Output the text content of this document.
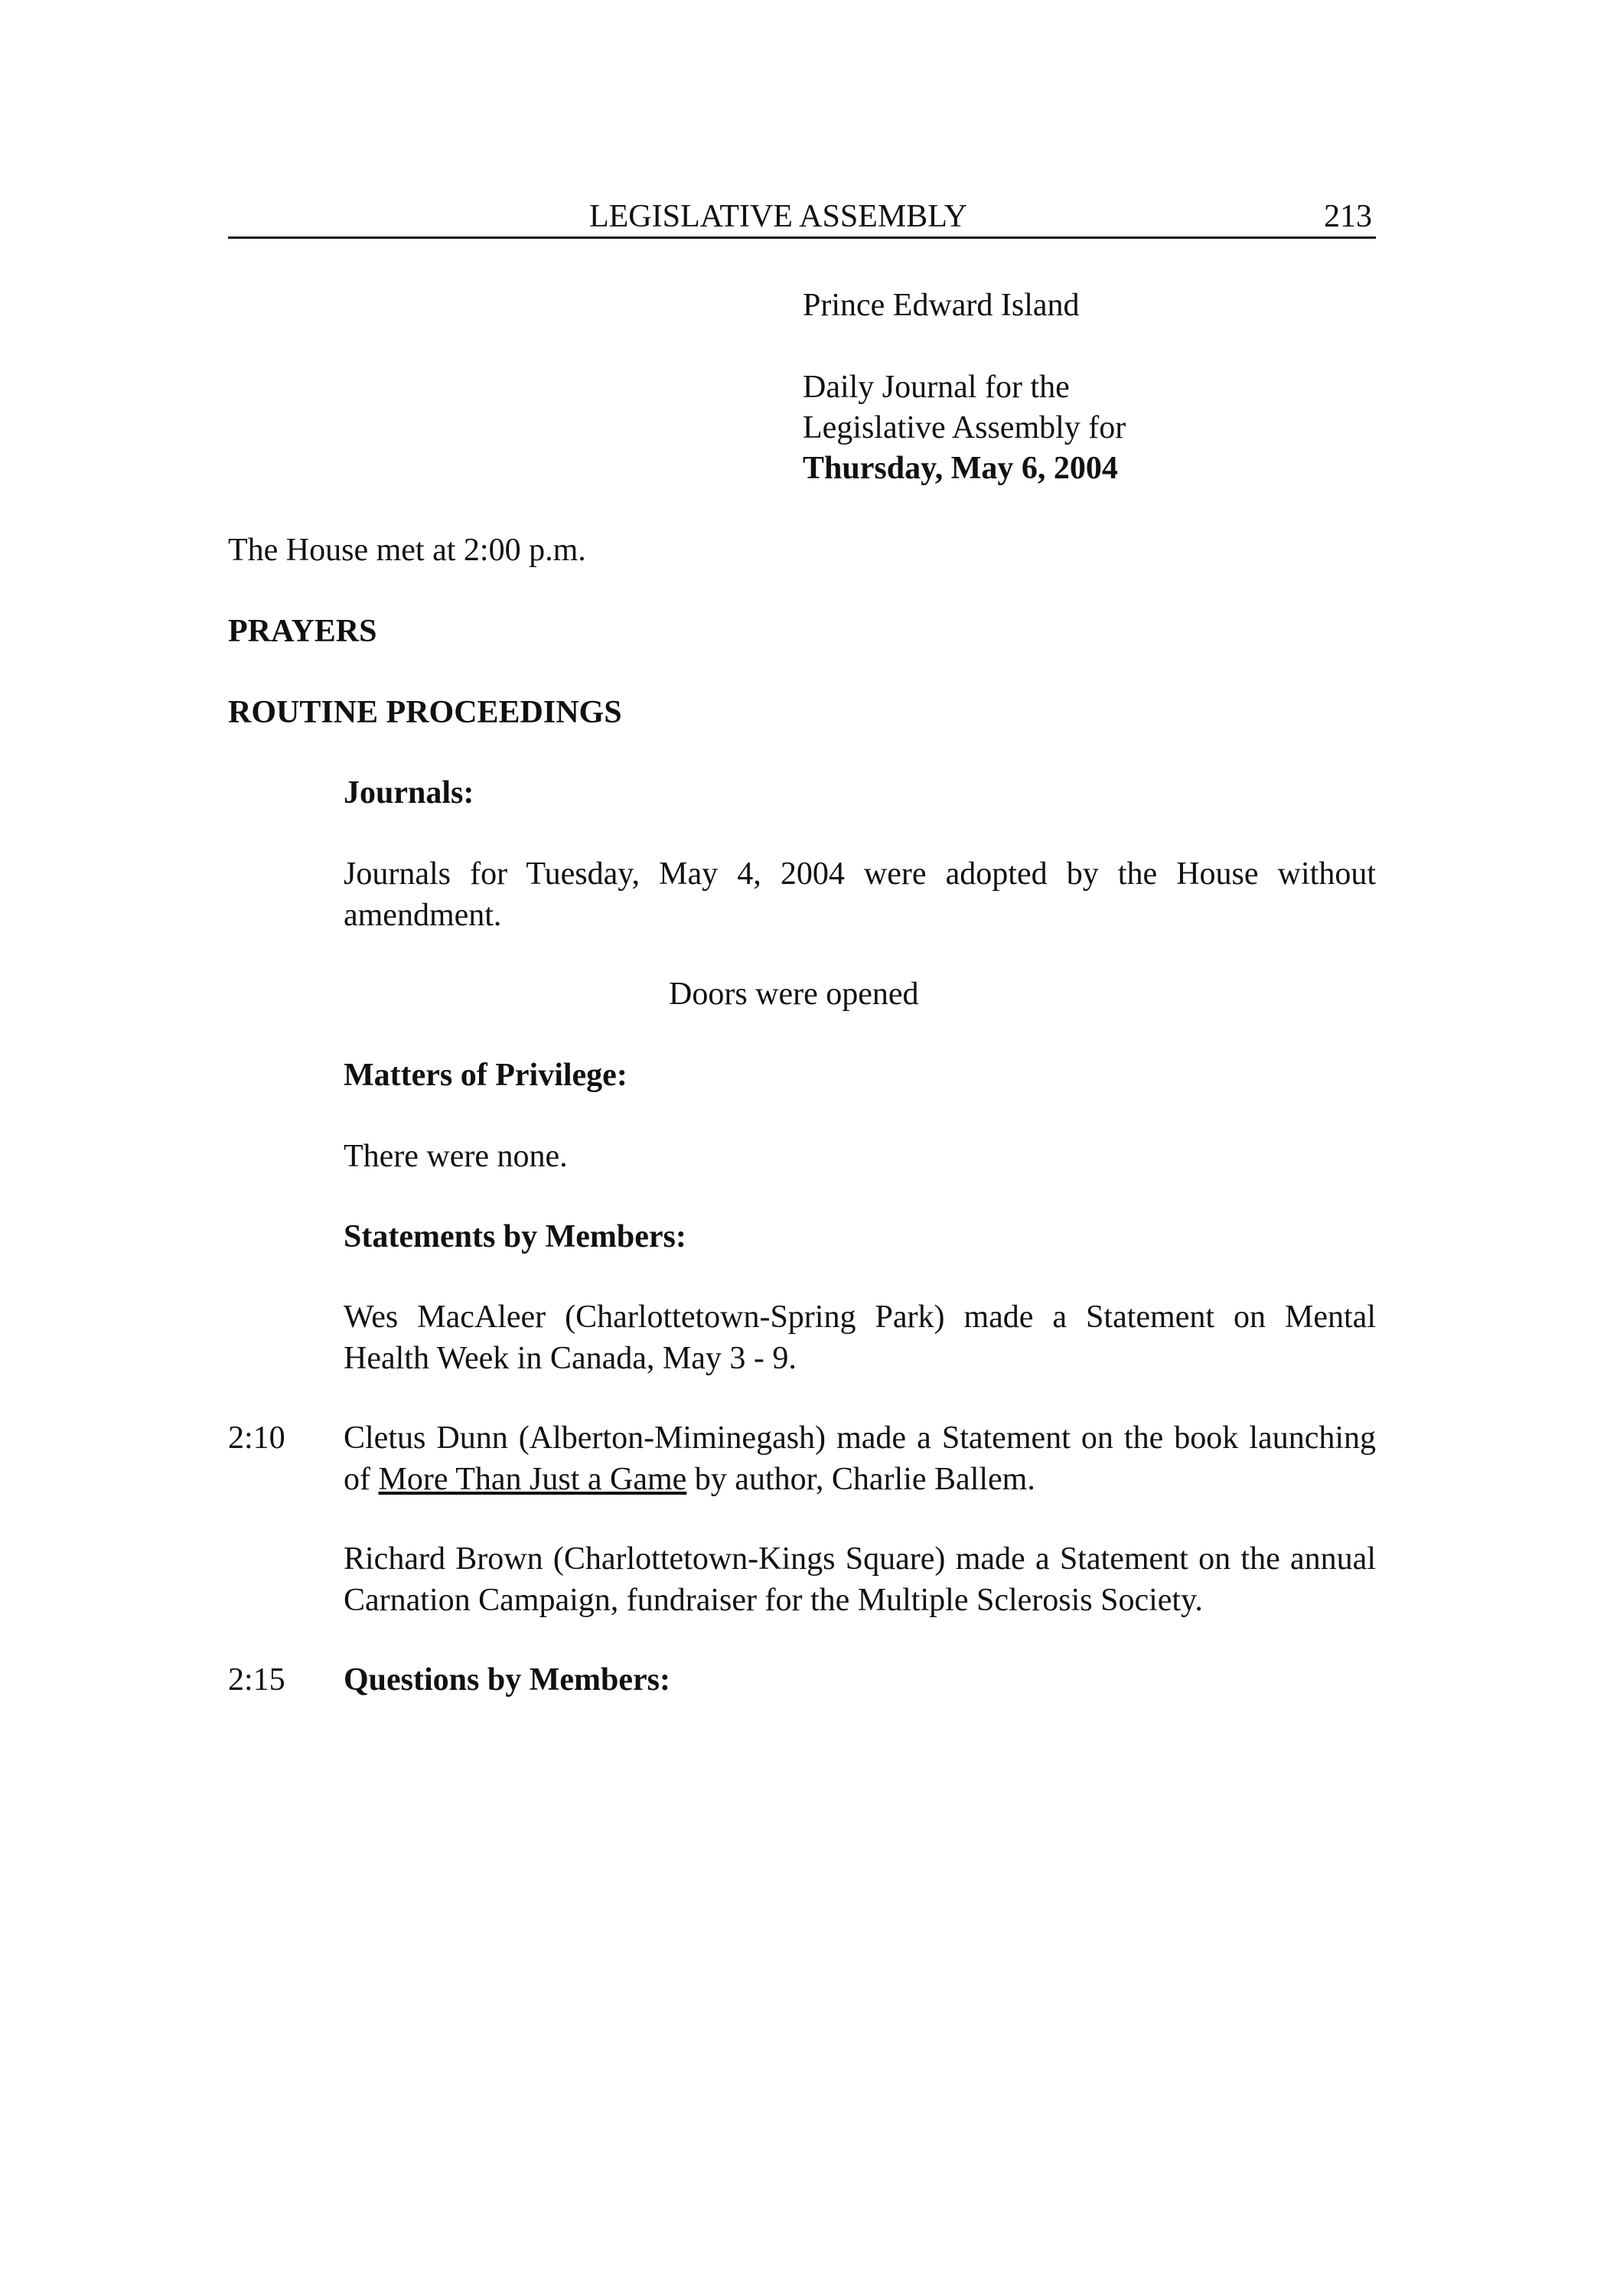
LEGISLATIVE ASSEMBLY	213
Prince Edward Island
Daily Journal for the
Legislative Assembly for
Thursday, May 6, 2004
The House met at 2:00 p.m.
PRAYERS
ROUTINE PROCEEDINGS
Journals:
Journals for Tuesday, May 4, 2004 were adopted by the House without amendment.
Doors were opened
Matters of Privilege:
There were none.
Statements by Members:
Wes MacAleer (Charlottetown-Spring Park) made a Statement on Mental Health Week in Canada, May 3 - 9.
2:10 Cletus Dunn (Alberton-Miminegash) made a Statement on the book launching of More Than Just a Game by author, Charlie Ballem.
Richard Brown (Charlottetown-Kings Square) made a Statement on the annual Carnation Campaign, fundraiser for the Multiple Sclerosis Society.
2:15 Questions by Members:
